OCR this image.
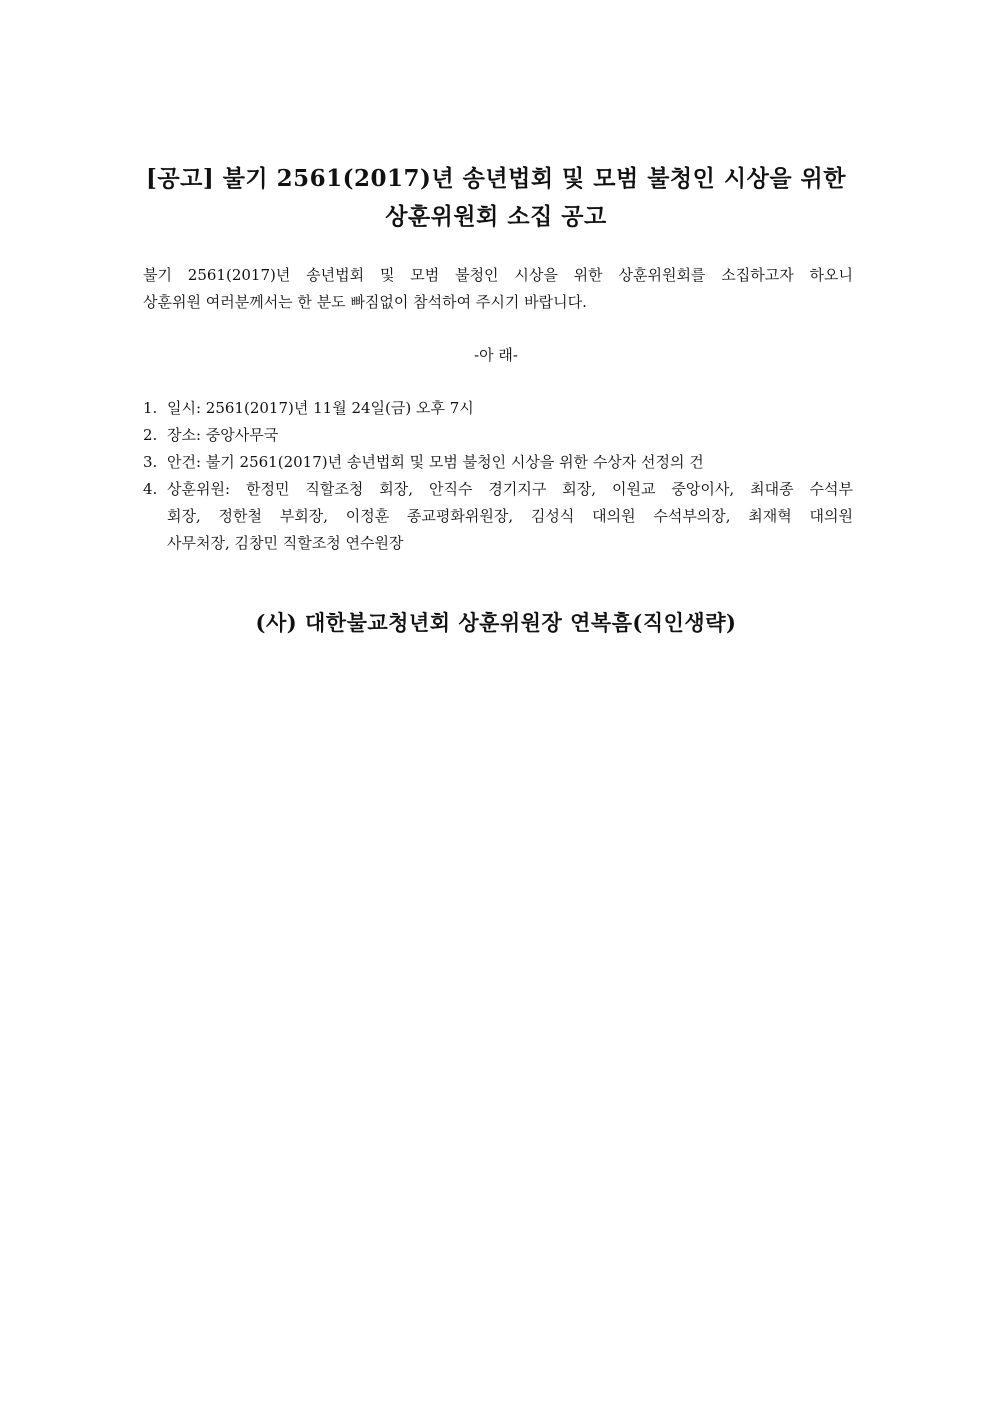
[공고] 불기 2561(2017)년 송년법회 및 모범 불청인 시상을 위한
상훈위원회 소집 공고
불기 2561(2017)년 송년법회 및 모범 불청인 시상을 위한 상훈위원회를 소집하고자 하오니
상훈위원 여러분께서는 한 분도 빠짐없이 참석하여 주시기 바랍니다.
-아 래-
1. 일시: 2561(2017)년 11월 24일(금) 오후 7시
2. 장소: 중앙사무국
3. 안건: 불기 2561(2017)년 송년법회 및 모범 불청인 시상을 위한 수상자 선정의 건
4. 상훈위원: 한정민 직할조청 회장, 안직수 경기지구 회장, 이원교 중앙이사, 최대종 수석부
회장, 정한철 부회장, 이정훈 종교평화위원장, 김성식 대의원 수석부의장, 최재혁 대의원
사무처장, 김창민 직할조청 연수원장
(사) 대한불교청년회 상훈위원장 연복흠(직인생략)
